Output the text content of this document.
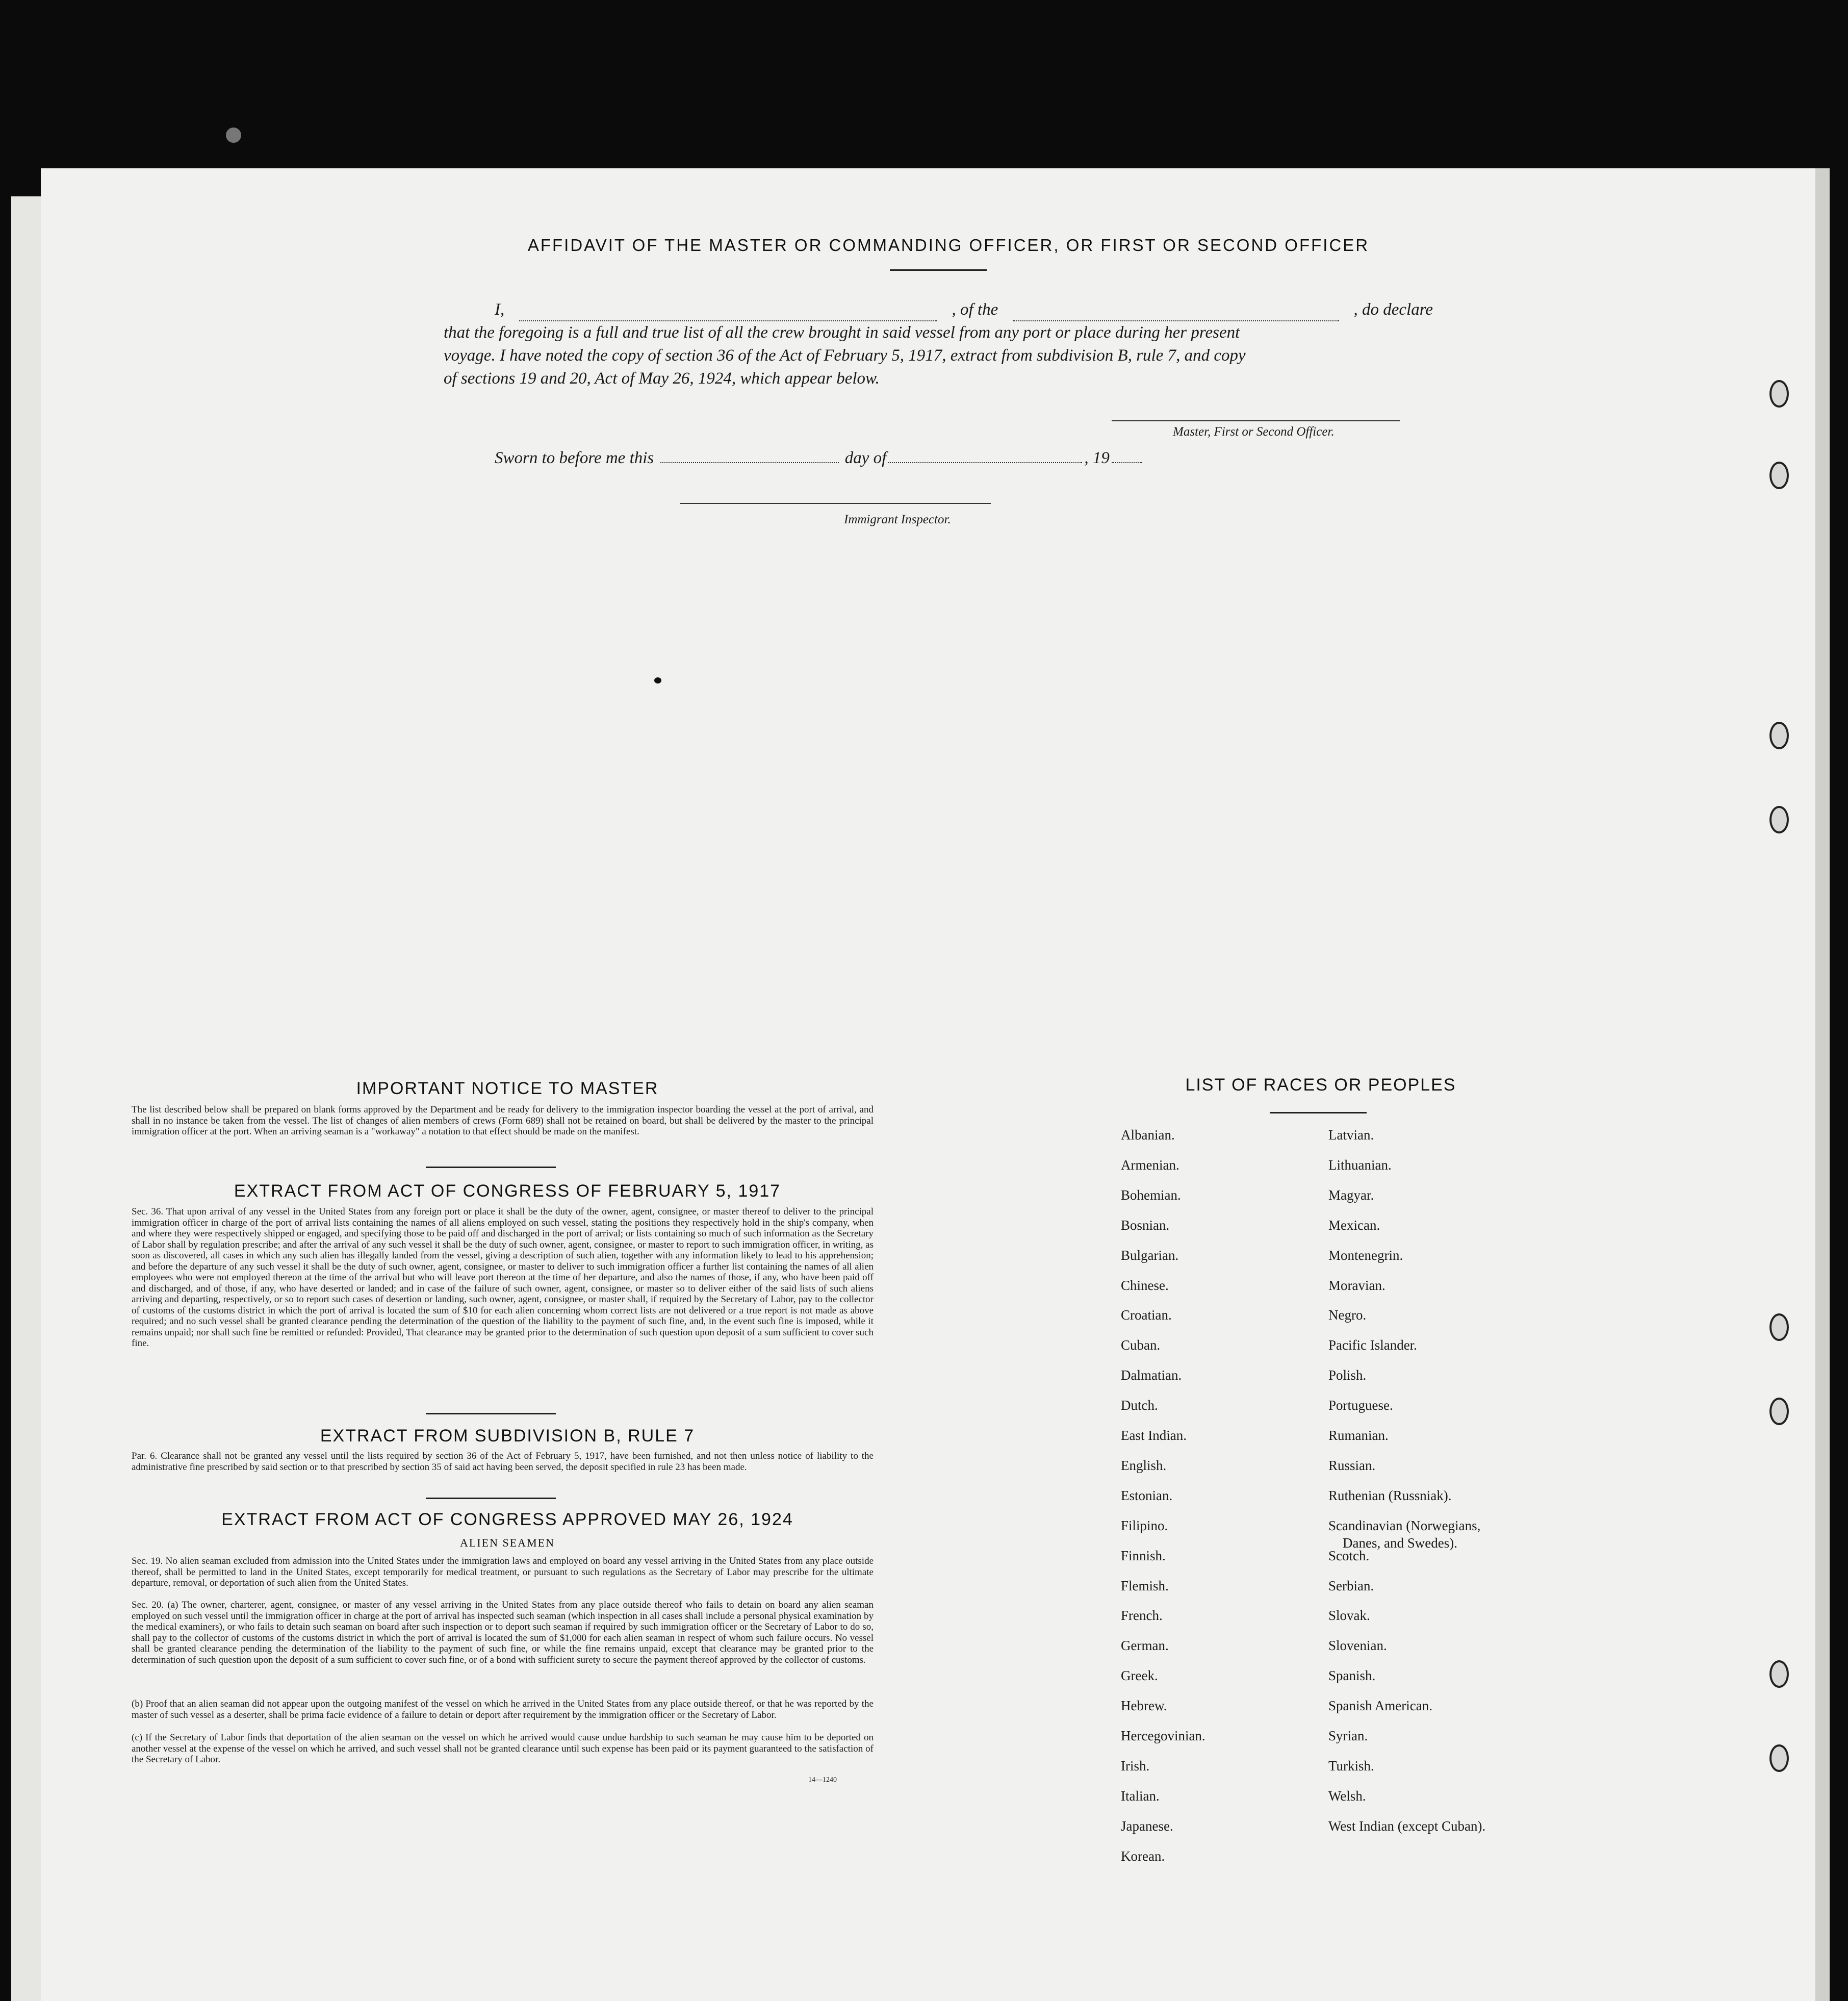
AFFIDAVIT OF THE MASTER OR COMMANDING OFFICER, OR FIRST OR SECOND OFFICER
I,	, of the	, do declare
that the foregoing is a full and true list of all the crew brought in said vessel from any port or place during her present
voyage. I have noted the copy of section 36 of the Act of February 5, 1917, extract from subdivision B, rule 7, and copy
of sections 19 and 20, Act of May 26, 1924, which appear below.
Master, First or Second Officer.
Sworn to before me this	day of	, 19
Immigrant Inspector.
IMPORTANT NOTICE TO MASTER

The list described below shall be prepared on blank forms approved by the Department and be ready for delivery to the immigration inspector boarding the vessel at the port of arrival, and shall in no instance be taken from the vessel. The list of changes of alien members of crews (Form 689) shall not be retained on board, but shall be delivered by the master to the principal immigration officer at the port. When an arriving seaman is a "workaway" a notation to that effect should be made on the manifest.

EXTRACT FROM ACT OF CONGRESS OF FEBRUARY 5, 1917

Sec. 36. That upon arrival of any vessel in the United States from any foreign port or place it shall be the duty of the owner, agent, consignee, or master thereof to deliver to the principal immigration officer in charge of the port of arrival lists containing the names of all aliens employed on such vessel, stating the positions they respectively hold in the ship's company, when and where they were respectively shipped or engaged, and specifying those to be paid off and discharged in the port of arrival; or lists containing so much of such information as the Secretary of Labor shall by regulation prescribe; and after the arrival of any such vessel it shall be the duty of such owner, agent, consignee, or master to report to such immigration officer, in writing, as soon as discovered, all cases in which any such alien has illegally landed from the vessel, giving a description of such alien, together with any information likely to lead to his apprehension; and before the departure of any such vessel it shall be the duty of such owner, agent, consignee, or master to deliver to such immigration officer a further list containing the names of all alien employees who were not employed thereon at the time of the arrival but who will leave port thereon at the time of her departure, and also the names of those, if any, who have been paid off and discharged, and of those, if any, who have deserted or landed; and in case of the failure of such owner, agent, consignee, or master so to deliver either of the said lists of such aliens arriving and departing, respectively, or so to report such cases of desertion or landing, such owner, agent, consignee, or master shall, if required by the Secretary of Labor, pay to the collector of customs of the customs district in which the port of arrival is located the sum of $10 for each alien concerning whom correct lists are not delivered or a true report is not made as above required; and no such vessel shall be granted clearance pending the determination of the question of the liability to the payment of such fine, and, in the event such fine is imposed, while it remains unpaid; nor shall such fine be remitted or refunded: Provided, That clearance may be granted prior to the determination of such question upon deposit of a sum sufficient to cover such fine.

EXTRACT FROM SUBDIVISION B, RULE 7

Par. 6. Clearance shall not be granted any vessel until the lists required by section 36 of the Act of February 5, 1917, have been furnished, and not then unless notice of liability to the administrative fine prescribed by said section or to that prescribed by section 35 of said act having been served, the deposit specified in rule 23 has been made.

EXTRACT FROM ACT OF CONGRESS APPROVED MAY 26, 1924
ALIEN SEAMEN

Sec. 19. No alien seaman excluded from admission into the United States under the immigration laws and employed on board any vessel arriving in the United States from any place outside thereof, shall be permitted to land in the United States, except temporarily for medical treatment, or pursuant to such regulations as the Secretary of Labor may prescribe for the ultimate departure, removal, or deportation of such alien from the United States.

Sec. 20. (a) The owner, charterer, agent, consignee, or master of any vessel arriving in the United States from any place outside thereof who fails to detain on board any alien seaman employed on such vessel until the immigration officer in charge at the port of arrival has inspected such seaman (which inspection in all cases shall include a personal physical examination by the medical examiners), or who fails to detain such seaman on board after such inspection or to deport such seaman if required by such immigration officer or the Secretary of Labor to do so, shall pay to the collector of customs of the customs district in which the port of arrival is located the sum of $1,000 for each alien seaman in respect of whom such failure occurs. No vessel shall be granted clearance pending the determination of the liability to the payment of such fine, or while the fine remains unpaid, except that clearance may be granted prior to the determination of such question upon the deposit of a sum sufficient to cover such fine, or of a bond with sufficient surety to secure the payment thereof approved by the collector of customs.

(b) Proof that an alien seaman did not appear upon the outgoing manifest of the vessel on which he arrived in the United States from any place outside thereof, or that he was reported by the master of such vessel as a deserter, shall be prima facie evidence of a failure to detain or deport after requirement by the immigration officer or the Secretary of Labor.

(c) If the Secretary of Labor finds that deportation of the alien seaman on the vessel on which he arrived would cause undue hardship to such seaman he may cause him to be deported on another vessel at the expense of the vessel on which he arrived, and such vessel shall not be granted clearance until such expense has been paid or its payment guaranteed to the satisfaction of the Secretary of Labor.

14—1240
LIST OF RACES OR PEOPLES
Albanian.
Armenian.
Bohemian.
Bosnian.
Bulgarian.
Chinese.
Croatian.
Cuban.
Dalmatian.
Dutch.
East Indian.
English.
Estonian.
Filipino.
Finnish.
Flemish.
French.
German.
Greek.
Hebrew.
Hercegovinian.
Irish.
Italian.
Japanese.
Korean.
Latvian.
Lithuanian.
Magyar.
Mexican.
Montenegrin.
Moravian.
Negro.
Pacific Islander.
Polish.
Portuguese.
Rumanian.
Russian.
Ruthenian (Russniak).
Scandinavian (Norwegians,
Danes, and Swedes).
Scotch.
Serbian.
Slovak.
Slovenian.
Spanish.
Spanish American.
Syrian.
Turkish.
Welsh.
West Indian (except Cuban).
